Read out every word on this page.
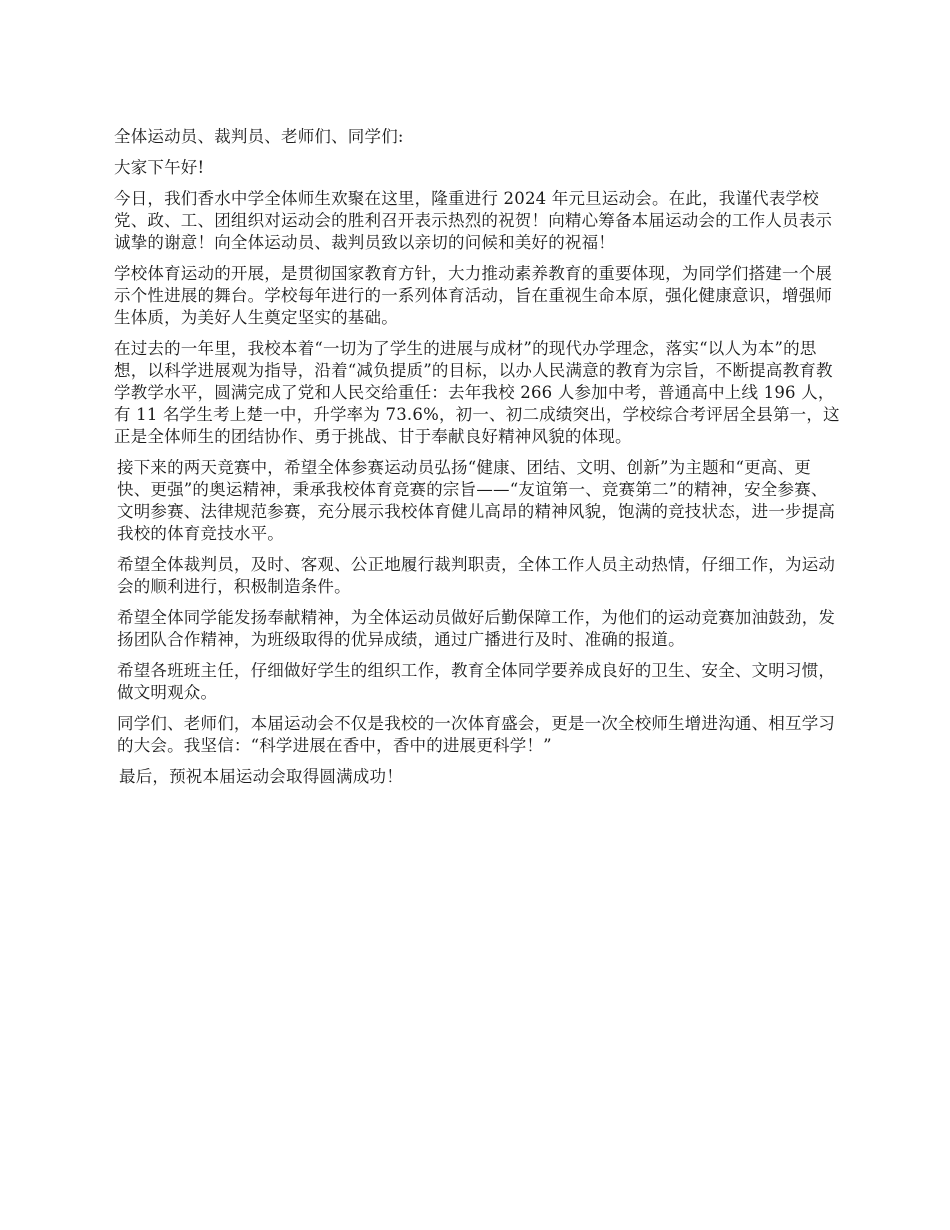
全体运动员、裁判员、老师们、同学们:

大家下午好!

今日，我们香水中学全体师生欢聚在这里，隆重进行 2024 年元旦运动会。在此，我谨代表学校党、政、工、团组织对运动会的胜利召开表示热烈的祝贺！向精心筹备本届运动会的工作人员表示诚挚的谢意！向全体运动员、裁判员致以亲切的问候和美好的祝福！

学校体育运动的开展，是贯彻国家教育方针，大力推动素养教育的重要体现，为同学们搭建一个展示个性进展的舞台。学校每年进行的一系列体育活动，旨在重视生命本原，强化健康意识，增强师生体质，为美好人生奠定坚实的基础。

在过去的一年里，我校本着“一切为了学生的进展与成材”的现代办学理念，落实“以人为本”的思想，以科学进展观为指导，沿着“减负提质”的目标，以办人民满意的教育为宗旨，不断提高教育教学教学水平，圆满完成了党和人民交给重任：去年我校 266 人参加中考，普通高中上线 196 人，有 11 名学生考上楚一中，升学率为 73.6%，初一、初二成绩突出，学校综合考评居全县第一，这正是全体师生的团结协作、勇于挑战、甘于奉献良好精神风貌的体现。

接下来的两天竞赛中，希望全体参赛运动员弘扬“健康、团结、文明、创新”为主题和“更高、更快、更强”的奥运精神，秉承我校体育竞赛的宗旨——“友谊第一、竞赛第二”的精神，安全参赛、文明参赛、法律规范参赛，充分展示我校体育健儿高昂的精神风貌，饱满的竞技状态，进一步提高我校的体育竞技水平。

希望全体裁判员，及时、客观、公正地履行裁判职责，全体工作人员主动热情，仔细工作，为运动会的顺利进行，积极制造条件。

希望全体同学能发扬奉献精神，为全体运动员做好后勤保障工作，为他们的运动竞赛加油鼓劲，发扬团队合作精神，为班级取得的优异成绩，通过广播进行及时、准确的报道。

希望各班班主任，仔细做好学生的组织工作，教育全体同学要养成良好的卫生、安全、文明习惯，做文明观众。

同学们、老师们，本届运动会不仅是我校的一次体育盛会，更是一次全校师生增进沟通、相互学习的大会。我坚信：“科学进展在香中，香中的进展更科学！”

最后，预祝本届运动会取得圆满成功！
